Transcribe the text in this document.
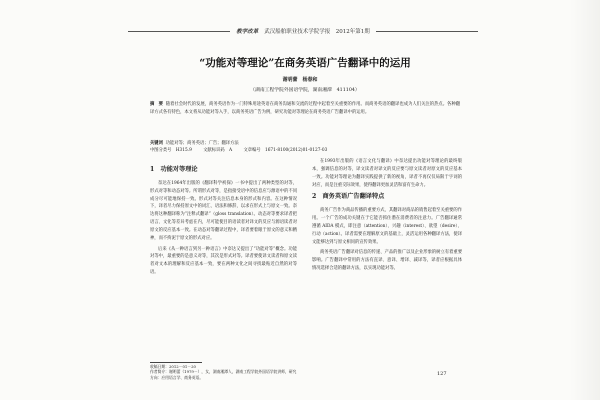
教学改革 武汉船舶职业技术学院学报　2012年第1期
“功能对等理论”在商务英语广告翻译中的运用
谢明蕾　杨春和
（湖南工程学院外国语学院，湖南湘潭　411104）
摘　要 随着社会时代的发展，商务英语作为一门特殊用途英语在商务沟通和交流的过程中起着至关重要的作用。而商务英语的翻译也成为人们关注的热点。各种翻译方式各有特色，本文将从功能对等入手，以商务英语广告为例，研究功能对等理论在商务英语广告翻译中的运用。
关键词 功能对等；商务英语；广告；翻译方法
中图分类号　H315.9	文献标识码　A	文章编号　1671-8100(2012)01-0127-03
1　功能对等理论

奈达在1964年出版的《翻译科学初探》一书中提出了两种类型的对等，形式对等和动态对等。所谓形式对等，是指接受语中的信息应与源语中的不同成分尽可能地保持一致。形式对等关注信息本身的形式和内容。在这种情况下，译者尽力保持原文中的词汇、语法和修辞，以求在形式上与原文一致。奈达将这种翻译称为“注释式翻译”（gloss translation）。动态对等要求译者把语言、文化等差异考虑在内，尽可能使目的语读者对译文的反应与源语读者对原文的反应基本一致。在动态对等翻译过程中，译者要着眼于原文的意义和精神，而不拘泥于原文的形式对应。

后来《从一种语言到另一种语言》中奈达又提出了“功能对等”概念。功能对等中，最重要的是意义对等，其次是形式对等。译者要使译文读者和原文读者对文本的理解和反应基本一致，要在两种文化之间寻找最贴近自然的对等语。

在1993年出版的《语言文化与翻译》中奈达提出功能对等理论的最终版本，强调信息的对等，译文读者对译文的反应要与原文读者对原文的反应基本一致。功能对等理论为翻译实践提供了新的视角，译者不再仅仅局限于字词的对应，而是注重交际效果，使得翻译更加灵活和富有生命力。

2　商务英语广告翻译特点

商务广告作为商品传播的重要方式，其翻译对商品的销售起着至关重要的作用。一个广告的成功关键在于它能否抓住潜在消费者的注意力。广告翻译通常遵循 AIDA 模式，即注意（attention）、兴趣（interest）、欲望（desire）、行动（action）。译者需要在理解原文的基础上，灵活运用各种翻译方法，使译文能够达到与原文相同的宣传效果。

商务英语广告翻译对信息的传递、产品的推广以及企业形象的树立有着重要影响。广告翻译中常用的方法有直译、意译、增译、减译等，译者应根据具体情况选择合适的翻译方法，以实现功能对等。

收稿日期：2012－01－20
作者简介：谢明蕾（1979－），女，湖南湘潭人，湖南工程学院外国语学院讲师，研究方向：应用语言学、商务英语。
127
